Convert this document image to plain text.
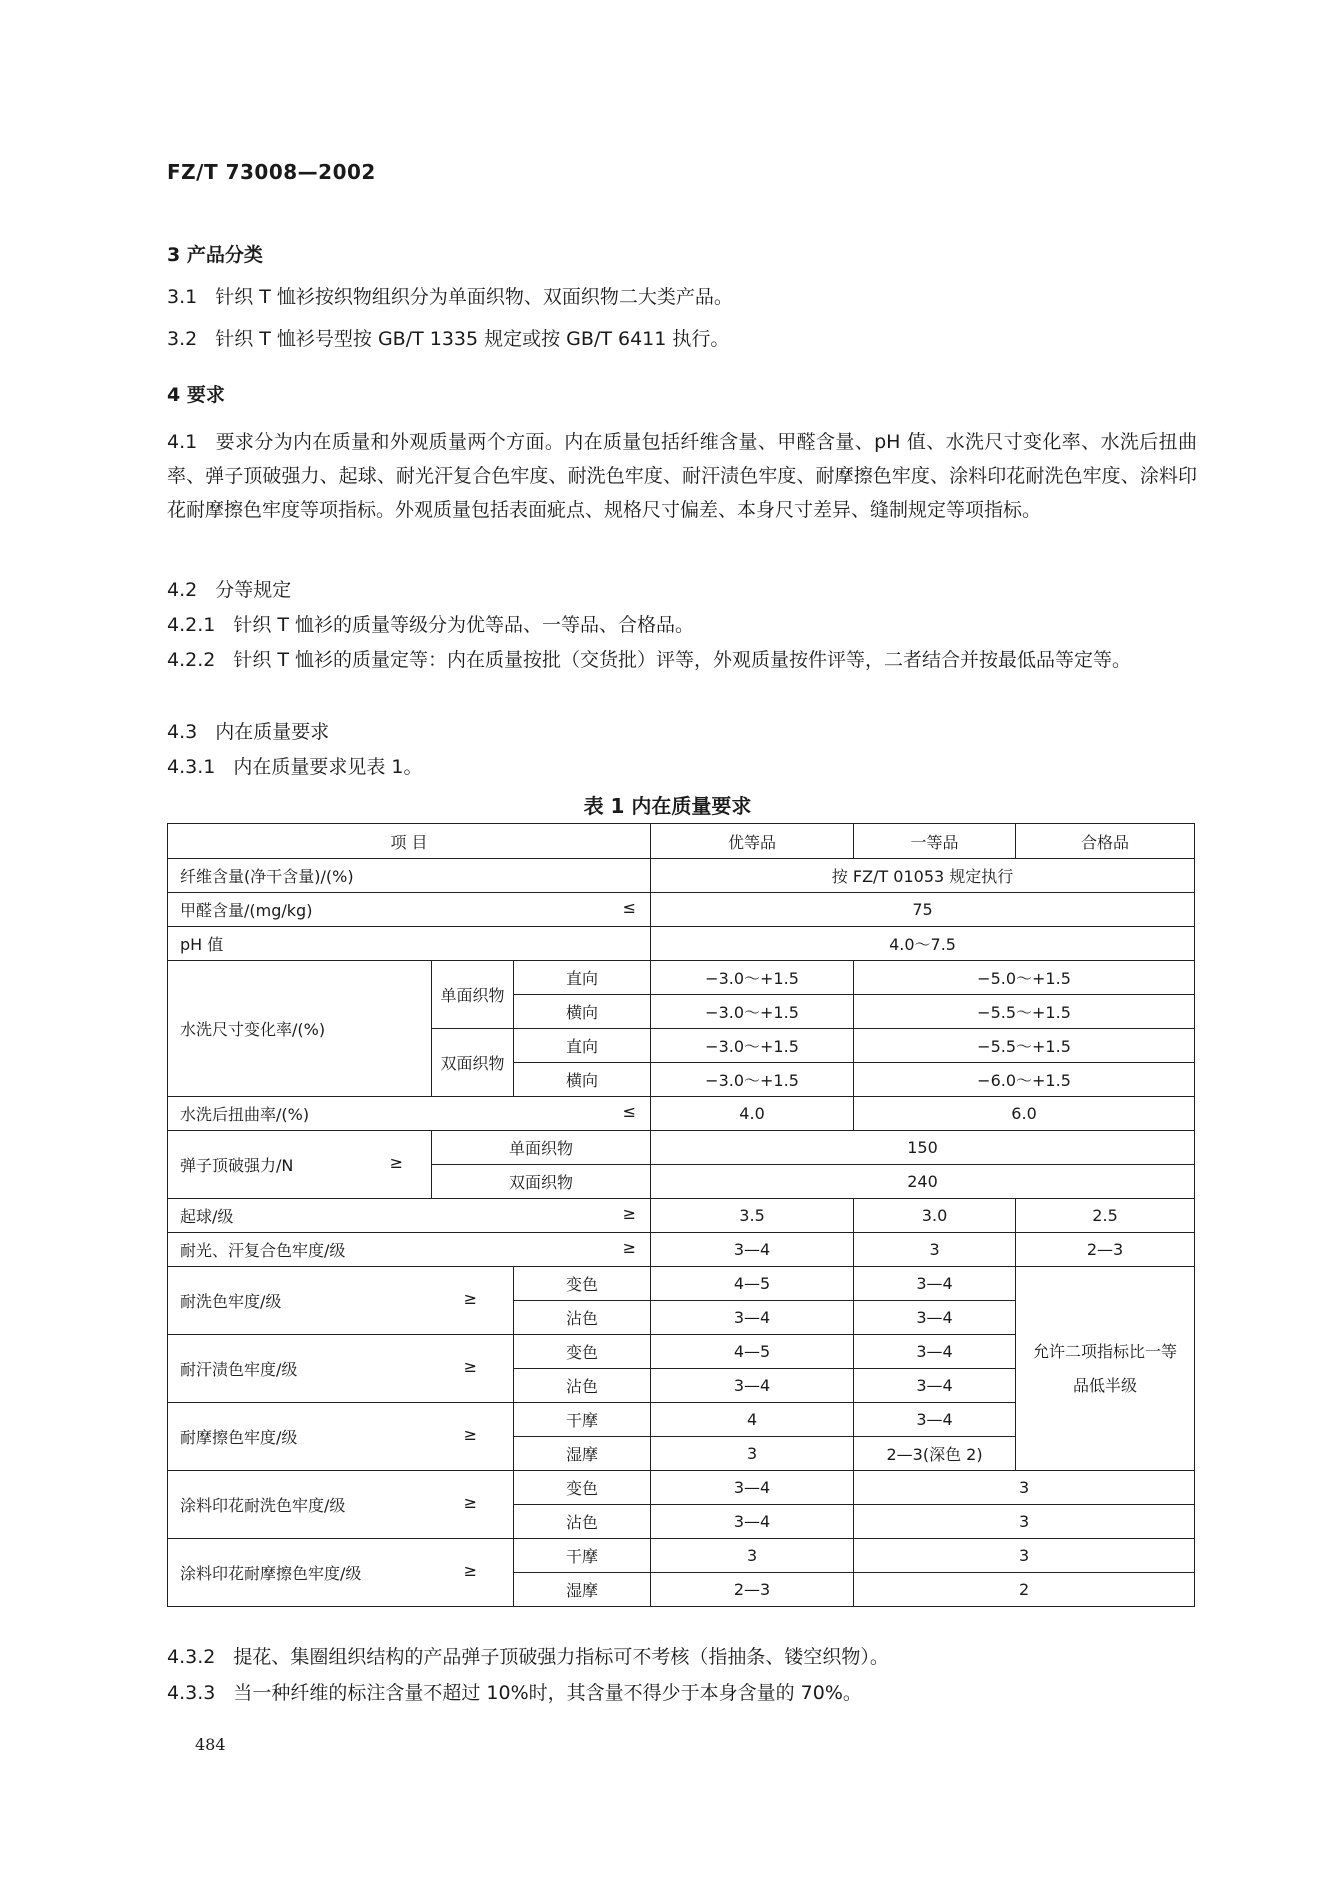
FZ/T 73008—2002
3 产品分类
3.1 针织 T 恤衫按织物组织分为单面织物、双面织物二大类产品。
3.2 针织 T 恤衫号型按 GB/T 1335 规定或按 GB/T 6411 执行。
4 要求
4.1 要求分为内在质量和外观质量两个方面。内在质量包括纤维含量、甲醛含量、pH 值、水洗尺寸变化率、水洗后扭曲率、弹子顶破强力、起球、耐光汗复合色牢度、耐洗色牢度、耐汗渍色牢度、耐摩擦色牢度、涂料印花耐洗色牢度、涂料印花耐摩擦色牢度等项指标。外观质量包括表面疵点、规格尺寸偏差、本身尺寸差异、缝制规定等项指标。
4.2 分等规定
4.2.1 针织 T 恤衫的质量等级分为优等品、一等品、合格品。
4.2.2 针织 T 恤衫的质量定等：内在质量按批（交货批）评等，外观质量按件评等，二者结合并按最低品等定等。
4.3 内在质量要求
4.3.1 内在质量要求见表 1。
表 1 内在质量要求
项 目			优等品	一等品	合格品
纤维含量(净干含量)/(%)			按 FZ/T 01053 规定执行		
甲醛含量/(mg/kg) ≤			75		
pH 值			4.0～7.5		
水洗尺寸变化率/(%)	单面织物	直向	−3.0～+1.5	−5.0～+1.5	
		横向	−3.0～+1.5	−5.5～+1.5	
	双面织物	直向	−3.0～+1.5	−5.5～+1.5	
		横向	−3.0～+1.5	−6.0～+1.5	
水洗后扭曲率/(%) ≤			4.0	6.0	
弹子顶破强力/N ≥	单面织物		150		
	双面织物		240		
起球/级 ≥			3.5	3.0	2.5
耐光、汗复合色牢度/级 ≥			3—4	3	2—3
耐洗色牢度/级 ≥		变色	4—5	3—4	允许二项指标比一等品低半级
		沾色	3—4	3—4	
耐汗渍色牢度/级 ≥		变色	4—5	3—4	
		沾色	3—4	3—4	
耐摩擦色牢度/级 ≥		干摩	4	3—4	
		湿摩	3	2—3(深色 2)	
涂料印花耐洗色牢度/级 ≥		变色	3—4	3	
		沾色	3—4	3	
涂料印花耐摩擦色牢度/级 ≥		干摩	3	3	
		湿摩	2—3	2	
4.3.2 提花、集圈组织结构的产品弹子顶破强力指标可不考核（指抽条、镂空织物）。
4.3.3 当一种纤维的标注含量不超过 10%时，其含量不得少于本身含量的 70%。
484
